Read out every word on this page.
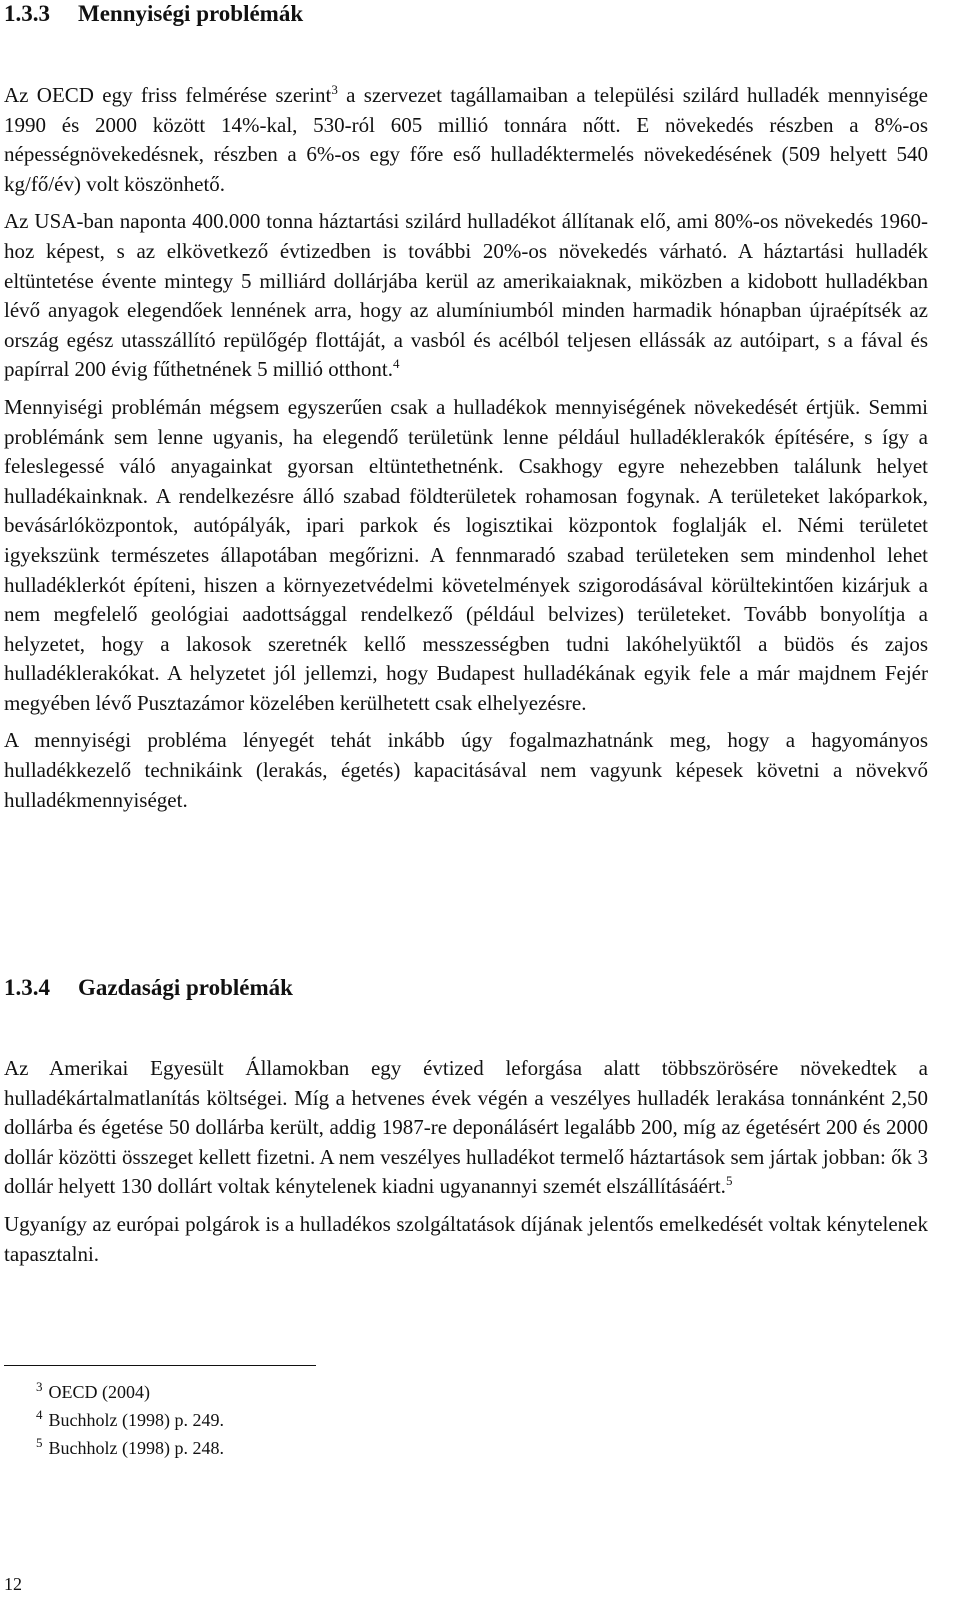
1.3.3 Mennyiségi problémák

Az OECD egy friss felmérése szerint$^3$ a szervezet tagállamaiban a települési szilárd hulladék mennyisége 1990 és 2000 között 14%-kal, 530-ról 605 millió tonnára nőtt. E növekedés részben a 8%-os népességnövekedésnek, részben a 6%-os egy főre eső hulladéktermelés növekedésének (509 helyett 540 kg/fő/év) volt köszönhető.

Az USA-ban naponta 400.000 tonna háztartási szilárd hulladékot állítanak elő, ami 80%-os növekedés 1960-hoz képest, s az elkövetkező évtizedben is további 20%-os növekedés várható. A háztartási hulladék eltüntetése évente mintegy 5 milliárd dollárjába kerül az amerikaiaknak, miközben a kidobott hulladékban lévő anyagok elegendőek lennének arra, hogy az alumíniumból minden harmadik hónapban újraépítsék az ország egész utasszállító repülőgép flottáját, a vasból és acélból teljesen ellássák az autóipart, s a fával és papírral 200 évig fűthetnének 5 millió otthont.$^4$

Mennyiségi problémán mégsem egyszerűen csak a hulladékok mennyiségének növekedését értjük. Semmi problémánk sem lenne ugyanis, ha elegendő területünk lenne például hulladéklerakók építésére, s így a feleslegessé váló anyagainkat gyorsan eltüntethetnénk. Csakhogy egyre nehezebben találunk helyet hulladékainknak. A rendelkezésre álló szabad földterületek rohamosan fogynak. A területeket lakóparkok, bevásárlóközpontok, autópályák, ipari parkok és logisztikai központok foglalják el. Némi területet igyekszünk természetes állapotában megőrizni. A fennmaradó szabad területeken sem mindenhol lehet hulladéklerkót építeni, hiszen a környezetvédelmi követelmények szigorodásával körültekintően kizárjuk a nem megfelelő geológiai aadottsággal rendelkező (például belvizes) területeket. Tovább bonyolítja a helyzetet, hogy a lakosok szeretnék kellő messzességben tudni lakóhelyüktől a büdös és zajos hulladéklerakókat. A helyzetet jól jellemzi, hogy Budapest hulladékának egyik fele a már majdnem Fejér megyében lévő Pusztazámor közelében kerülhetett csak elhelyezésre.

A mennyiségi probléma lényegét tehát inkább úgy fogalmazhatnánk meg, hogy a hagyományos hulladékkezelő technikáink (lerakás, égetés) kapacitásával nem vagyunk képesek követni a növekvő hulladékmennyiséget.

1.3.4 Gazdasági problémák

Az Amerikai Egyesült Államokban egy évtized leforgása alatt többszörösére növekedtek a hulladékártalmatlanítás költségei. Míg a hetvenes évek végén a veszélyes hulladék lerakása tonnánként 2,50 dollárba és égetése 50 dollárba került, addig 1987-re deponálásért legalább 200, míg az égetésért 200 és 2000 dollár közötti összeget kellett fizetni. A nem veszélyes hulladékot termelő háztartások sem jártak jobban: ők 3 dollár helyett 130 dollárt voltak kénytelenek kiadni ugyanannyi szemét elszállításáért.$^5$

Ugyanígy az európai polgárok is a hulladékos szolgáltatások díjának jelentős emelkedését voltak kénytelenek tapasztalni.

$^3$ OECD (2004)

$^4$ Buchholz (1998) p. 249.

$^5$ Buchholz (1998) p. 248.

12
